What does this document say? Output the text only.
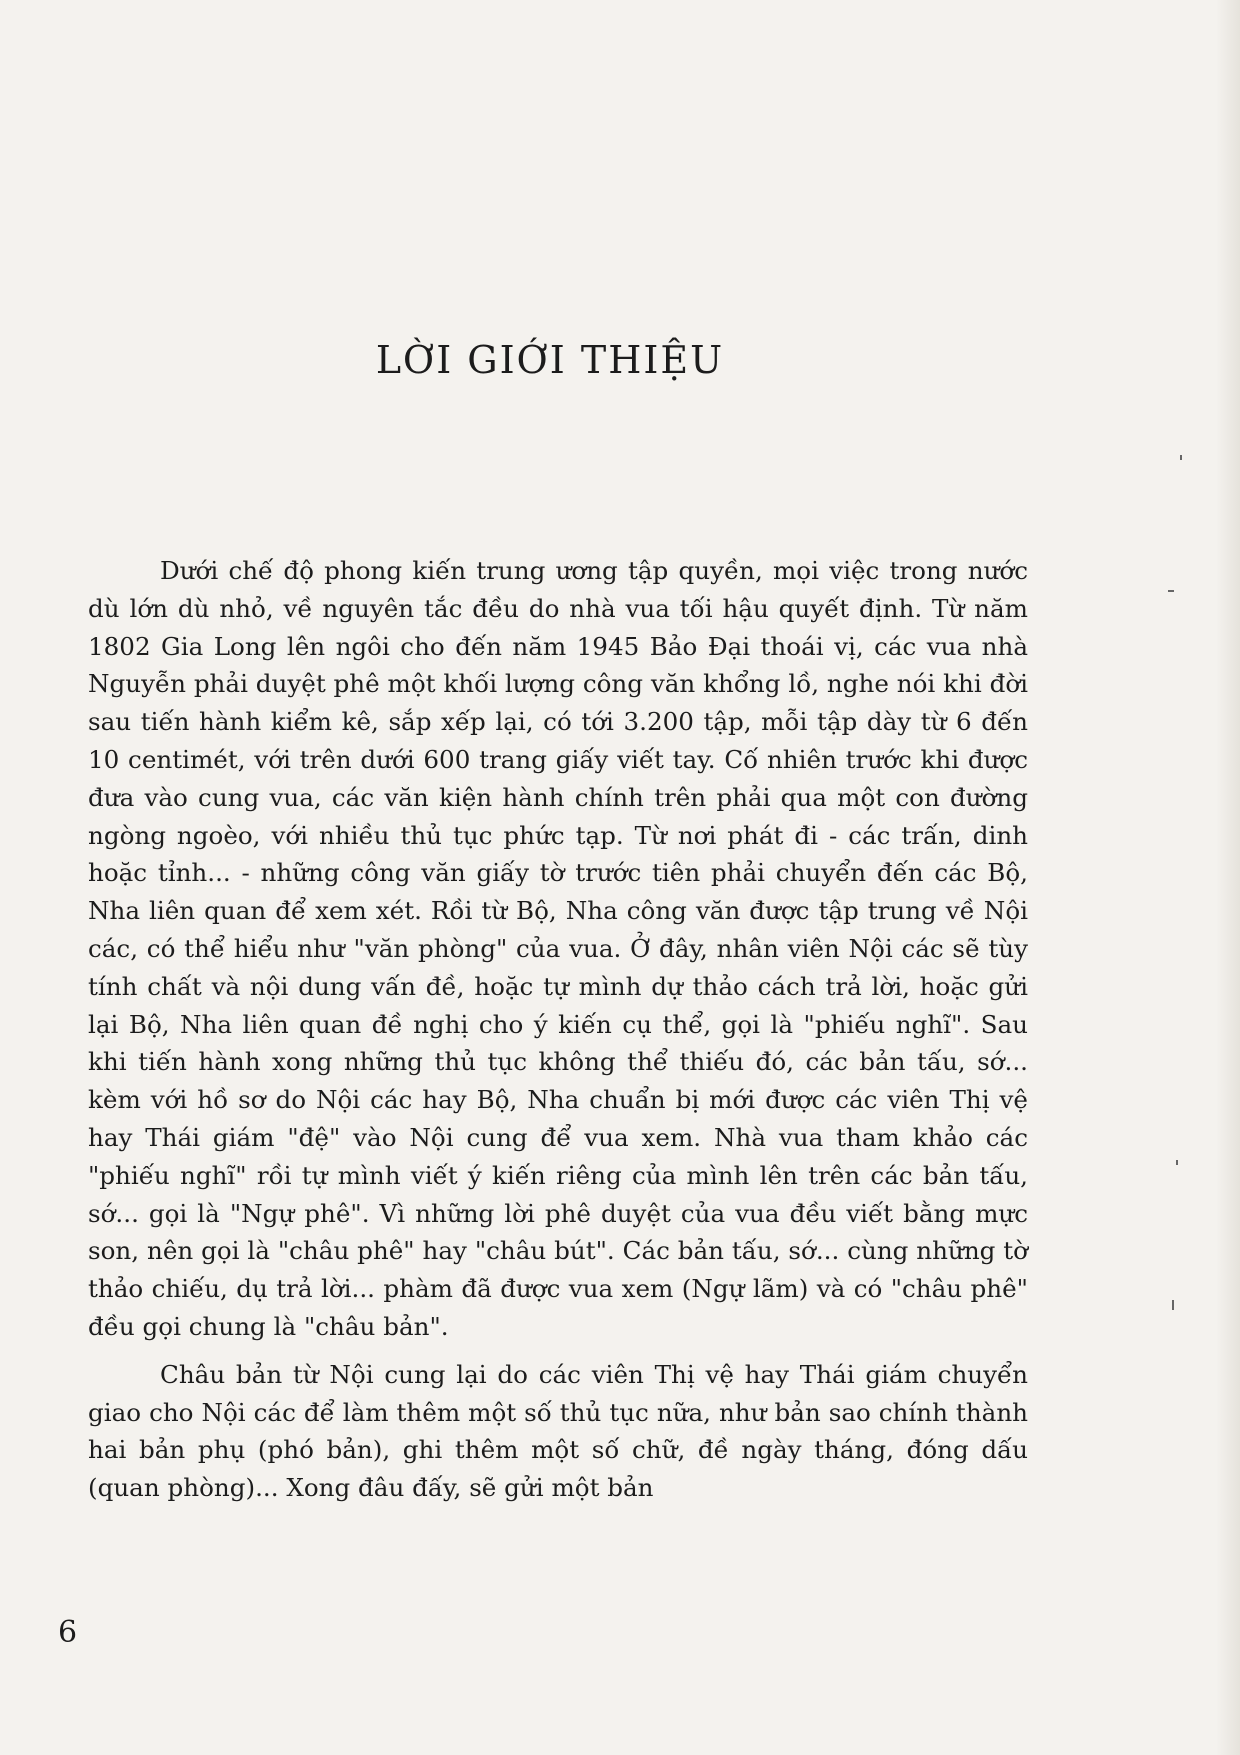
LỜI GIỚI THIỆU

Dưới chế độ phong kiến trung ương tập quyền, mọi việc trong nước dù lớn dù nhỏ, về nguyên tắc đều do nhà vua tối hậu quyết định. Từ năm 1802 Gia Long lên ngôi cho đến năm 1945 Bảo Đại thoái vị, các vua nhà Nguyễn phải duyệt phê một khối lượng công văn khổng lồ, nghe nói khi đời sau tiến hành kiểm kê, sắp xếp lại, có tới 3.200 tập, mỗi tập dày từ 6 đến 10 centimét, với trên dưới 600 trang giấy viết tay. Cố nhiên trước khi được đưa vào cung vua, các văn kiện hành chính trên phải qua một con đường ngòng ngoèo, với nhiều thủ tục phức tạp. Từ nơi phát đi - các trấn, dinh hoặc tỉnh... - những công văn giấy tờ trước tiên phải chuyển đến các Bộ, Nha liên quan để xem xét. Rồi từ Bộ, Nha công văn được tập trung về Nội các, có thể hiểu như "văn phòng" của vua. Ở đây, nhân viên Nội các sẽ tùy tính chất và nội dung vấn đề, hoặc tự mình dự thảo cách trả lời, hoặc gửi lại Bộ, Nha liên quan đề nghị cho ý kiến cụ thể, gọi là "phiếu nghĩ". Sau khi tiến hành xong những thủ tục không thể thiếu đó, các bản tấu, sớ... kèm với hồ sơ do Nội các hay Bộ, Nha chuẩn bị mới được các viên Thị vệ hay Thái giám "đệ" vào Nội cung để vua xem. Nhà vua tham khảo các "phiếu nghĩ" rồi tự mình viết ý kiến riêng của mình lên trên các bản tấu, sớ... gọi là "Ngự phê". Vì những lời phê duyệt của vua đều viết bằng mực son, nên gọi là "châu phê" hay "châu bút". Các bản tấu, sớ... cùng những tờ thảo chiếu, dụ trả lời... phàm đã được vua xem (Ngự lãm) và có "châu phê" đều gọi chung là "châu bản".

Châu bản từ Nội cung lại do các viên Thị vệ hay Thái giám chuyển giao cho Nội các để làm thêm một số thủ tục nữa, như bản sao chính thành hai bản phụ (phó bản), ghi thêm một số chữ, đề ngày tháng, đóng dấu (quan phòng)... Xong đâu đấy, sẽ gửi một bản

6
